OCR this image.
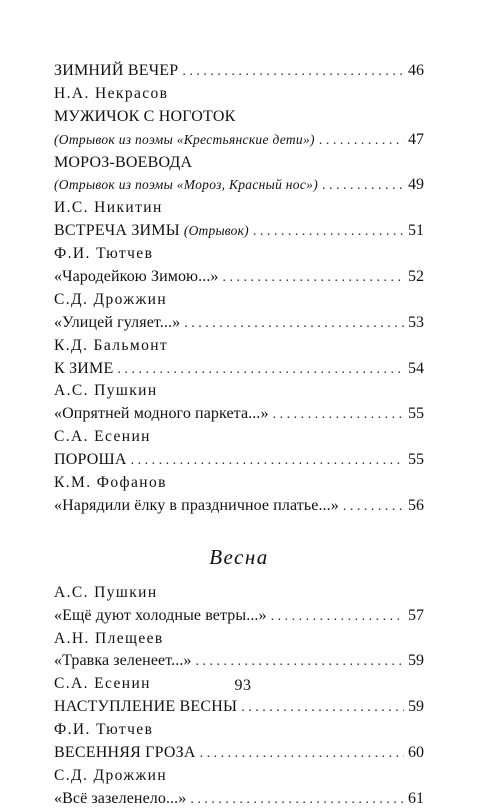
ЗИМНИЙ ВЕЧЕР . . .	46
Н.А. Некрасов
МУЖИЧОК С НОГОТОК
(Отрывок из поэмы «Крестьянские дети») . . .	47
МОРОЗ-ВОЕВОДА
(Отрывок из поэмы «Мороз, Красный нос») . . .	49
И.С. Никитин
ВСТРЕЧА ЗИМЫ (Отрывок) . . .	51
Ф.И. Тютчев
«Чародейкою Зимою...» . . .	52
С.Д. Дрожжин
«Улицей гуляет...» . . .	53
К.Д. Бальмонт
К ЗИМЕ . . .	54
А.С. Пушкин
«Опрятней модного паркета...» . . .	55
С.А. Есенин
ПОРОША . . .	55
К.М. Фофанов
«Нарядили ёлку в праздничное платье...» . . .	56
Весна
А.С. Пушкин
«Ещё дуют холодные ветры...» . . .	57
А.Н. Плещеев
«Травка зеленеет...» . . .	59
С.А. Есенин
НАСТУПЛЕНИЕ ВЕСНЫ . . .	59
Ф.И. Тютчев
ВЕСЕННЯЯ ГРОЗА . . .	60
С.Д. Дрожжин
«Всё зазеленело...» . . .	61
93
